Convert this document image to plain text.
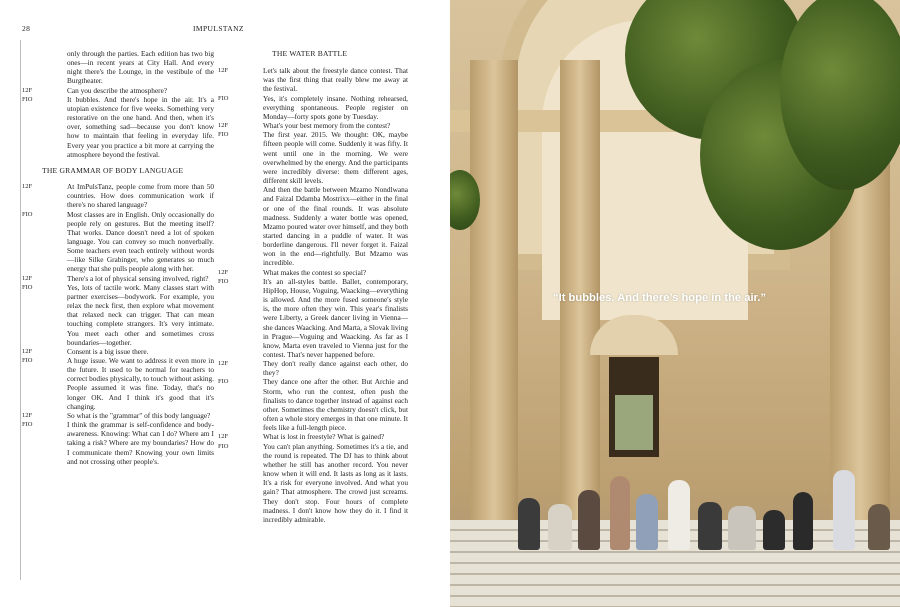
28	IMPULSTANZ
only through the parties. Each edition has two big ones—in recent years at City Hall. And every night there's the Lounge, in the vestibule of the Burgtheater.
12F	Can you describe the atmosphere?
FIO	It bubbles. And there's hope in the air. It's a utopian existence for five weeks. Something very restorative on the one hand. And then, when it's over, something sad—because you don't know how to maintain that feeling in everyday life. Every year you practice a bit more at carrying the atmosphere beyond the festival.
THE GRAMMAR OF BODY LANGUAGE
12F	At ImPulsTanz, people come from more than 50 countries. How does communication work if there's no shared language?
FIO	Most classes are in English. Only occasionally do people rely on gestures. But the meeting itself? That works. Dance doesn't need a lot of spoken language. You can convey so much nonverbally. Some teachers even teach entirely without words—like Silke Grabinger, who generates so much energy that she pulls people along with her.
12F	There's a lot of physical sensing involved, right?
FIO	Yes, lots of tactile work. Many classes start with partner exercises—bodywork. For example, you relax the neck first, then explore what movement that relaxed neck can trigger. That can mean touching complete strangers. It's very intimate. You meet each other and sometimes cross boundaries—together.
12F	Consent is a big issue there.
FIO	A huge issue. We want to address it even more in the future. It used to be normal for teachers to correct bodies physically, to touch without asking. People assumed it was fine. Today, that's no longer OK. And I think it's good that it's changing.
12F	So what is the "grammar" of this body language?
FIO	I think the grammar is self-confidence and body-awareness. Knowing: What can I do? Where am I taking a risk? Where are my boundaries? How do I communicate them? Knowing your own limits and not crossing other people's.
THE WATER BATTLE
12F	Let's talk about the freestyle dance contest. That was the first thing that really blew me away at the festival.
FIO	Yes, it's completely insane. Nothing rehearsed, everything spontaneous. People register on Monday—forty spots gone by Tuesday.
12F	What's your best memory from the contest?
FIO	The first year. 2015. We thought: OK, maybe fifteen people will come. Suddenly it was fifty. It went until one in the morning. We were overwhelmed by the energy. And the participants were incredibly diverse: them different ages, different skill levels.
And then the battle between Mzamo Nondlwana and Faizal Ddamba Mostrixx—either in the final or one of the final rounds. It was absolute madness. Suddenly a water bottle was opened, Mzamo poured water over himself, and they both started dancing in a puddle of water. It was borderline dangerous. I'll never forget it. Faizal won in the end—rightfully. But Mzamo was incredible.
12F	What makes the contest so special?
FIO	It's an all-styles battle. Ballet, contemporary, HipHop, House, Voguing, Waacking—everything is allowed. And the more fused someone's style is, the more often they win. This year's finalists were Liberty, a Greek dancer living in Vienna—she dances Waacking. And Marta, a Slovak living in Prague—Voguing and Waacking. As far as I know, Marta even traveled to Vienna just for the contest. That's never happened before.
12F	They don't really dance against each other, do they?
FIO	They dance one after the other. But Archie and Storm, who run the contest, often push the finalists to dance together instead of against each other. Sometimes the chemistry doesn't click, but often a whole story emerges in that one minute. It feels like a full-length piece.
12F	What is lost in freestyle? What is gained?
FIO	You can't plan anything. Sometimes it's a tie, and the round is repeated. The DJ has to think about whether he still has another record. You never know when it will end. It lasts as long as it lasts. It's a risk for everyone involved. And what you gain? That atmosphere. The crowd just screams. They don't stop. Four hours of complete madness. I don't know how they do it. I find it incredibly admirable.
“It bubbles. And there’s hope in the air.”
